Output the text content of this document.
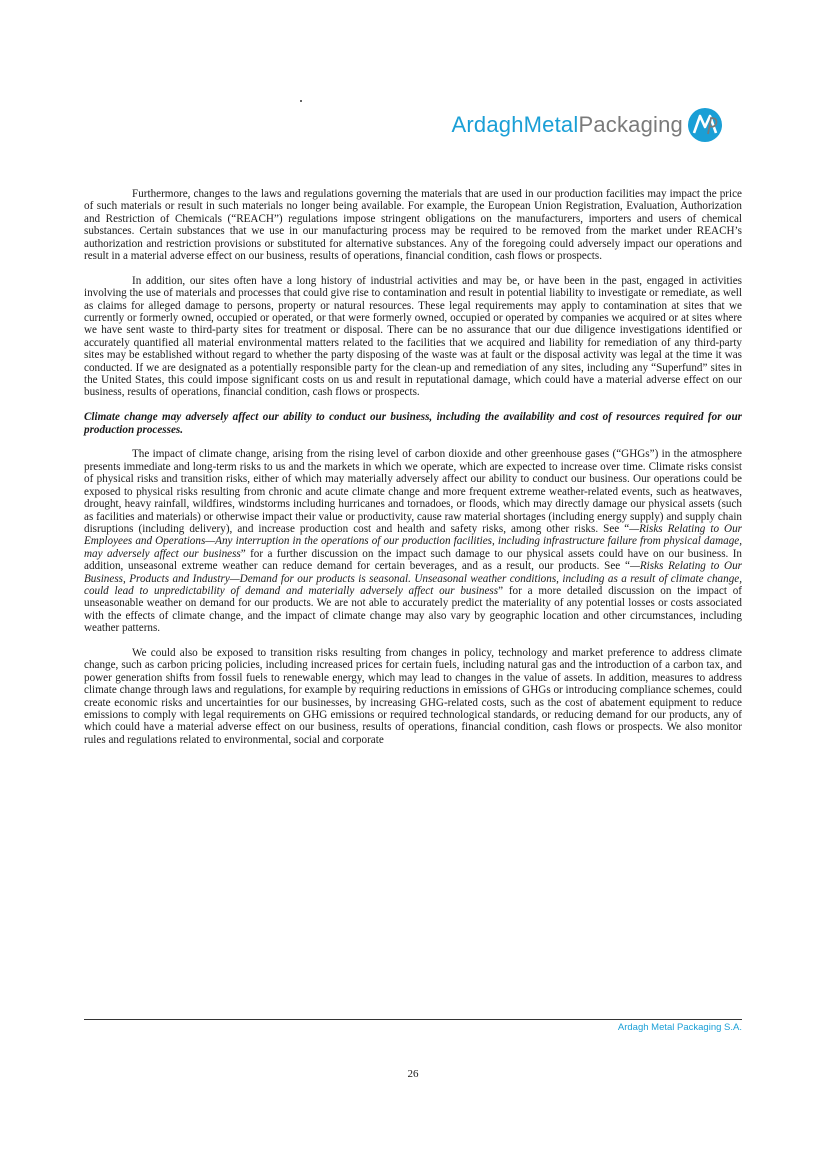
ArdaghMetalPackaging

Furthermore, changes to the laws and regulations governing the materials that are used in our production facilities may impact the price of such materials or result in such materials no longer being available. For example, the European Union Registration, Evaluation, Authorization and Restriction of Chemicals (“REACH”) regulations impose stringent obligations on the manufacturers, importers and users of chemical substances. Certain substances that we use in our manufacturing process may be required to be removed from the market under REACH’s authorization and restriction provisions or substituted for alternative substances. Any of the foregoing could adversely impact our operations and result in a material adverse effect on our business, results of operations, financial condition, cash flows or prospects.

In addition, our sites often have a long history of industrial activities and may be, or have been in the past, engaged in activities involving the use of materials and processes that could give rise to contamination and result in potential liability to investigate or remediate, as well as claims for alleged damage to persons, property or natural resources. These legal requirements may apply to contamination at sites that we currently or formerly owned, occupied or operated, or that were formerly owned, occupied or operated by companies we acquired or at sites where we have sent waste to third-party sites for treatment or disposal. There can be no assurance that our due diligence investigations identified or accurately quantified all material environmental matters related to the facilities that we acquired and liability for remediation of any third-party sites may be established without regard to whether the party disposing of the waste was at fault or the disposal activity was legal at the time it was conducted. If we are designated as a potentially responsible party for the clean-up and remediation of any sites, including any “Superfund” sites in the United States, this could impose significant costs on us and result in reputational damage, which could have a material adverse effect on our business, results of operations, financial condition, cash flows or prospects.

Climate change may adversely affect our ability to conduct our business, including the availability and cost of resources required for our production processes.

The impact of climate change, arising from the rising level of carbon dioxide and other greenhouse gases (“GHGs”) in the atmosphere presents immediate and long-term risks to us and the markets in which we operate, which are expected to increase over time. Climate risks consist of physical risks and transition risks, either of which may materially adversely affect our ability to conduct our business. Our operations could be exposed to physical risks resulting from chronic and acute climate change and more frequent extreme weather-related events, such as heatwaves, drought, heavy rainfall, wildfires, windstorms including hurricanes and tornadoes, or floods, which may directly damage our physical assets (such as facilities and materials) or otherwise impact their value or productivity, cause raw material shortages (including energy supply) and supply chain disruptions (including delivery), and increase production cost and health and safety risks, among other risks. See “—Risks Relating to Our Employees and Operations—Any interruption in the operations of our production facilities, including infrastructure failure from physical damage, may adversely affect our business” for a further discussion on the impact such damage to our physical assets could have on our business. In addition, unseasonal extreme weather can reduce demand for certain beverages, and as a result, our products. See “—Risks Relating to Our Business, Products and Industry—Demand for our products is seasonal. Unseasonal weather conditions, including as a result of climate change, could lead to unpredictability of demand and materially adversely affect our business” for a more detailed discussion on the impact of unseasonable weather on demand for our products. We are not able to accurately predict the materiality of any potential losses or costs associated with the effects of climate change, and the impact of climate change may also vary by geographic location and other circumstances, including weather patterns.

We could also be exposed to transition risks resulting from changes in policy, technology and market preference to address climate change, such as carbon pricing policies, including increased prices for certain fuels, including natural gas and the introduction of a carbon tax, and power generation shifts from fossil fuels to renewable energy, which may lead to changes in the value of assets. In addition, measures to address climate change through laws and regulations, for example by requiring reductions in emissions of GHGs or introducing compliance schemes, could create economic risks and uncertainties for our businesses, by increasing GHG-related costs, such as the cost of abatement equipment to reduce emissions to comply with legal requirements on GHG emissions or required technological standards, or reducing demand for our products, any of which could have a material adverse effect on our business, results of operations, financial condition, cash flows or prospects. We also monitor rules and regulations related to environmental, social and corporate

Ardagh Metal Packaging S.A.
26
